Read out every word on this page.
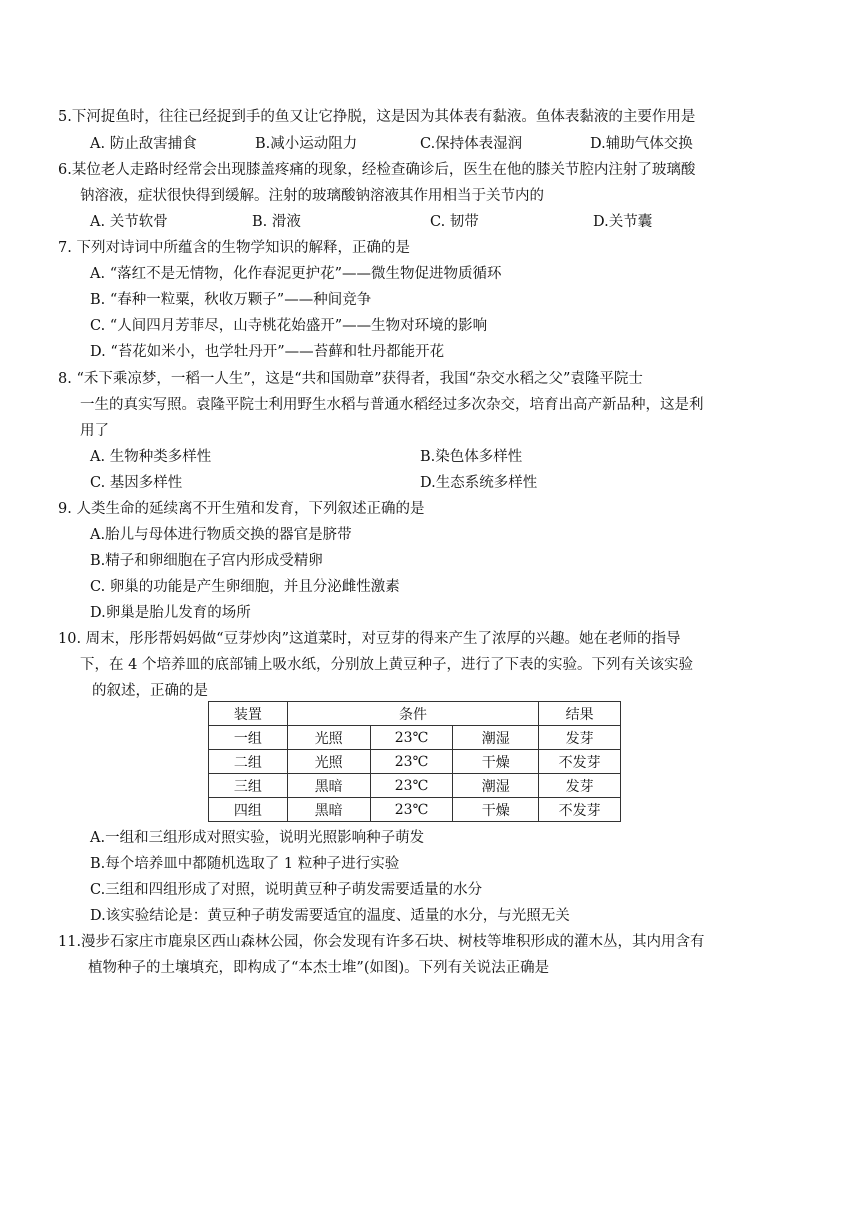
5.下河捉鱼时，往往已经捉到手的鱼又让它挣脱，这是因为其体表有黏液。鱼体表黏液的主要作用是
A. 防止敌害捕食	B.减小运动阻力	C.保持体表湿润	D.辅助气体交换
6.某位老人走路时经常会出现膝盖疼痛的现象，经检查确诊后，医生在他的膝关节腔内注射了玻璃酸
钠溶液，症状很快得到缓解。注射的玻璃酸钠溶液其作用相当于关节内的
A. 关节软骨	B. 滑液	C. 韧带	D.关节囊
7. 下列对诗词中所蕴含的生物学知识的解释，正确的是
A. “落红不是无情物，化作春泥更护花”——微生物促进物质循环
B. “春种一粒粟，秋收万颗子”——种间竞争
C. “人间四月芳菲尽，山寺桃花始盛开”——生物对环境的影响
D. “苔花如米小，也学牡丹开”——苔藓和牡丹都能开花
8. “禾下乘凉梦，一稻一人生”，这是“共和国勋章”获得者，我国“杂交水稻之父”袁隆平院士
一生的真实写照。袁隆平院士利用野生水稻与普通水稻经过多次杂交，培育出高产新品种，这是利
用了
A. 生物种类多样性	B.染色体多样性
C. 基因多样性	D.生态系统多样性
9. 人类生命的延续离不开生殖和发育，下列叙述正确的是
A.胎儿与母体进行物质交换的器官是脐带
B.精子和卵细胞在子宫内形成受精卵
C. 卵巢的功能是产生卵细胞，并且分泌雌性激素
D.卵巢是胎儿发育的场所
10. 周末，彤彤帮妈妈做“豆芽炒肉”这道菜时，对豆芽的得来产生了浓厚的兴趣。她在老师的指导
下，在 4 个培养皿的底部铺上吸水纸，分别放上黄豆种子，进行了下表的实验。下列有关该实验
的叙述，正确的是
装置	条件			结果
一组	光照	23℃	潮湿	发芽
二组	光照	23℃	干燥	不发芽
三组	黑暗	23℃	潮湿	发芽
四组	黑暗	23℃	干燥	不发芽
A.一组和三组形成对照实验，说明光照影响种子萌发
B.每个培养皿中都随机选取了 1 粒种子进行实验
C.三组和四组形成了对照，说明黄豆种子萌发需要适量的水分
D.该实验结论是：黄豆种子萌发需要适宜的温度、适量的水分，与光照无关
11.漫步石家庄市鹿泉区西山森林公园，你会发现有许多石块、树枝等堆积形成的灌木丛，其内用含有
植物种子的土壤填充，即构成了“本杰士堆”(如图)。下列有关说法正确是
